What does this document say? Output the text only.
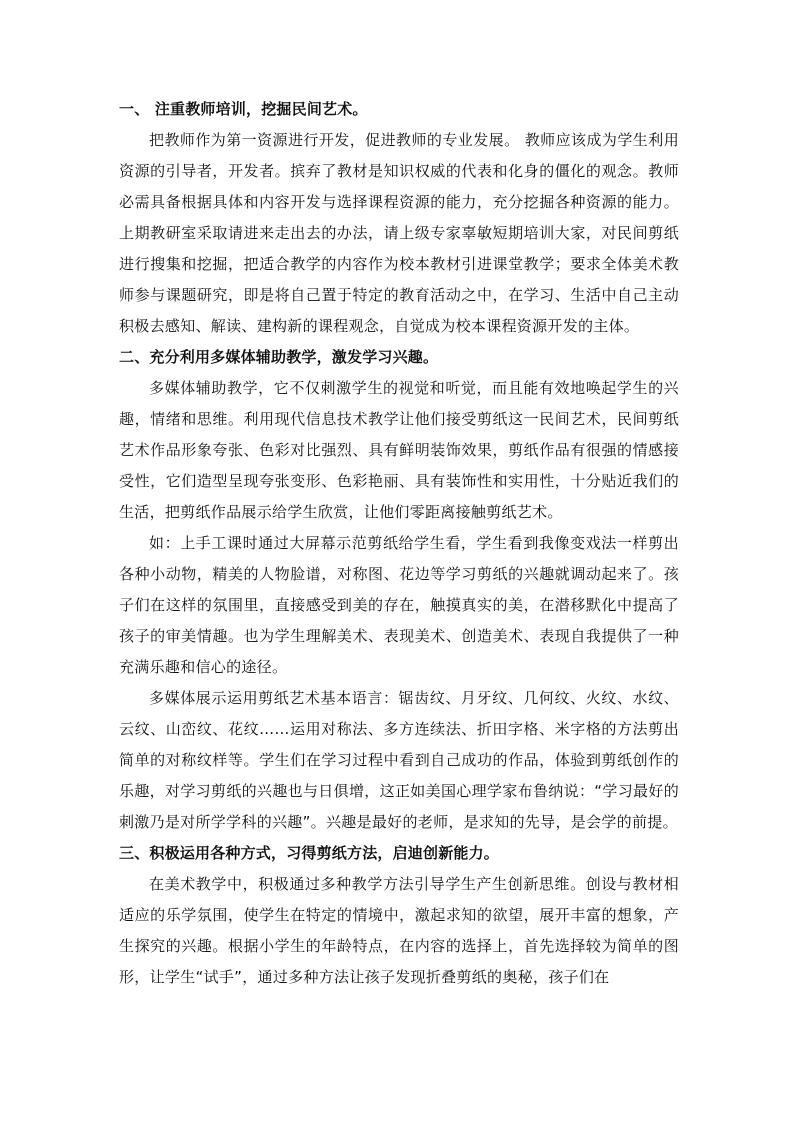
一、 注重教师培训，挖掘民间艺术。

把教师作为第一资源进行开发，促进教师的专业发展。 教师应该成为学生利用资源的引导者，开发者。摈弃了教材是知识权威的代表和化身的僵化的观念。教师必需具备根据具体和内容开发与选择课程资源的能力，充分挖掘各种资源的能力。上期教研室采取请进来走出去的办法，请上级专家辜敏短期培训大家，对民间剪纸进行搜集和挖掘，把适合教学的内容作为校本教材引进课堂教学；要求全体美术教师参与课题研究，即是将自己置于特定的教育活动之中，在学习、生活中自己主动积极去感知、解读、建构新的课程观念，自觉成为校本课程资源开发的主体。

二、充分利用多媒体辅助教学，激发学习兴趣。

多媒体辅助教学，它不仅刺激学生的视觉和听觉，而且能有效地唤起学生的兴趣，情绪和思维。利用现代信息技术教学让他们接受剪纸这一民间艺术，民间剪纸艺术作品形象夸张、色彩对比强烈、具有鲜明装饰效果，剪纸作品有很强的情感接受性，它们造型呈现夸张变形、色彩艳丽、具有装饰性和实用性，十分贴近我们的生活，把剪纸作品展示给学生欣赏，让他们零距离接触剪纸艺术。

如：上手工课时通过大屏幕示范剪纸给学生看，学生看到我像变戏法一样剪出各种小动物，精美的人物脸谱，对称图、花边等学习剪纸的兴趣就调动起来了。孩子们在这样的氛围里，直接感受到美的存在，触摸真实的美，在潜移默化中提高了孩子的审美情趣。也为学生理解美术、表现美术、创造美术、表现自我提供了一种充满乐趣和信心的途径。

多媒体展示运用剪纸艺术基本语言：锯齿纹、月牙纹、几何纹、火纹、水纹、云纹、山峦纹、花纹……运用对称法、多方连续法、折田字格、米字格的方法剪出简单的对称纹样等。学生们在学习过程中看到自己成功的作品，体验到剪纸创作的乐趣，对学习剪纸的兴趣也与日俱增，这正如美国心理学家布鲁纳说：“学习最好的刺激乃是对所学学科的兴趣”。兴趣是最好的老师，是求知的先导，是会学的前提。

三、积极运用各种方式，习得剪纸方法，启迪创新能力。

在美术教学中，积极通过多种教学方法引导学生产生创新思维。创设与教材相适应的乐学氛围，使学生在特定的情境中，激起求知的欲望，展开丰富的想象，产生探究的兴趣。根据小学生的年龄特点，在内容的选择上，首先选择较为简单的图形，让学生“试手”，通过多种方法让孩子发现折叠剪纸的奥秘，孩子们在
